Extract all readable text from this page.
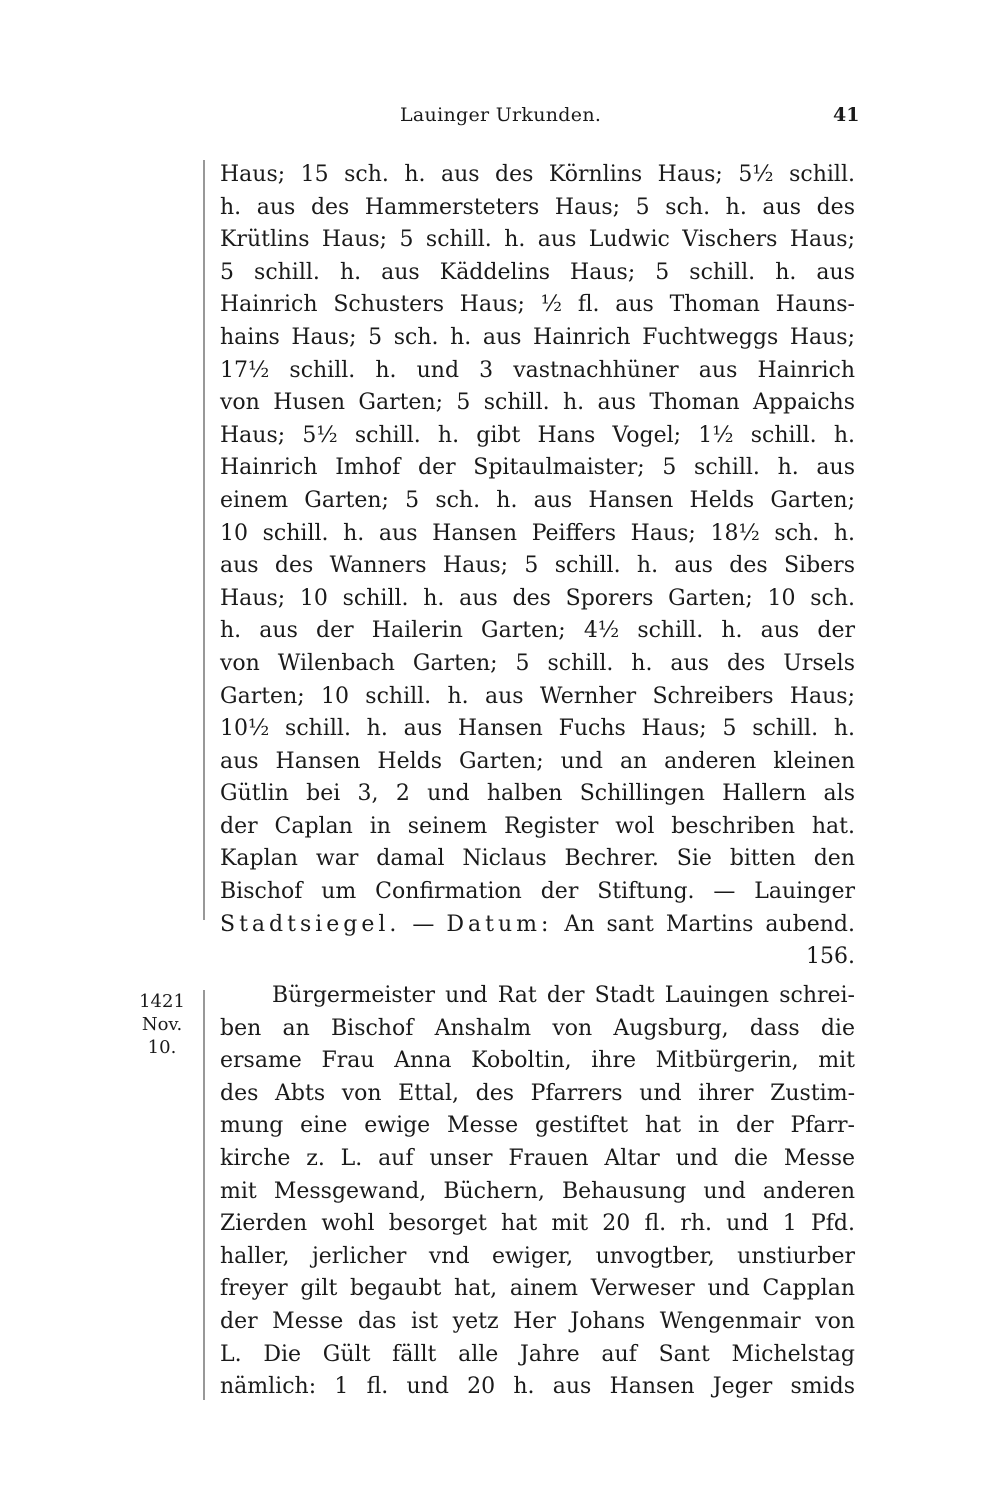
Lauinger Urkunden.	41
Haus; 15 sch. h. aus des Körnlins Haus; 5½ schill.
h. aus des Hammersteters Haus; 5 sch. h. aus des
Krütlins Haus; 5 schill. h. aus Ludwic Vischers Haus;
5 schill. h. aus Käddelins Haus; 5 schill. h. aus
Hainrich Schusters Haus; ½ fl. aus Thoman Hauns-
hains Haus; 5 sch. h. aus Hainrich Fuchtweggs Haus;
17½ schill. h. und 3 vastnachhüner aus Hainrich
von Husen Garten; 5 schill. h. aus Thoman Appaichs
Haus; 5½ schill. h. gibt Hans Vogel; 1½ schill. h.
Hainrich Imhof der Spitaulmaister; 5 schill. h. aus
einem Garten; 5 sch. h. aus Hansen Helds Garten;
10 schill. h. aus Hansen Peiffers Haus; 18½ sch. h.
aus des Wanners Haus; 5 schill. h. aus des Sibers
Haus; 10 schill. h. aus des Sporers Garten; 10 sch.
h. aus der Hailerin Garten; 4½ schill. h. aus der
von Wilenbach Garten; 5 schill. h. aus des Ursels
Garten; 10 schill. h. aus Wernher Schreibers Haus;
10½ schill. h. aus Hansen Fuchs Haus; 5 schill. h.
aus Hansen Helds Garten; und an anderen kleinen
Gütlin bei 3, 2 und halben Schillingen Hallern als
der Caplan in seinem Register wol beschriben hat.
Kaplan war damal Niclaus Bechrer. Sie bitten den
Bischof um Confirmation der Stiftung. — Lauinger
Stadtsiegel. — Datum: An sant Martins aubend.
156.
1421
Nov.
10.
Bürgermeister und Rat der Stadt Lauingen schrei-
ben an Bischof Anshalm von Augsburg, dass die
ersame Frau Anna Koboltin, ihre Mitbürgerin, mit
des Abts von Ettal, des Pfarrers und ihrer Zustim-
mung eine ewige Messe gestiftet hat in der Pfarr-
kirche z. L. auf unser Frauen Altar und die Messe
mit Messgewand, Büchern, Behausung und anderen
Zierden wohl besorget hat mit 20 fl. rh. und 1 Pfd.
haller, jerlicher vnd ewiger, unvogtber, unstiurber
freyer gilt begaubt hat, ainem Verweser und Capplan
der Messe das ist yetz Her Johans Wengenmair von
L. Die Gült fällt alle Jahre auf Sant Michelstag
nämlich: 1 fl. und 20 h. aus Hansen Jeger smids
